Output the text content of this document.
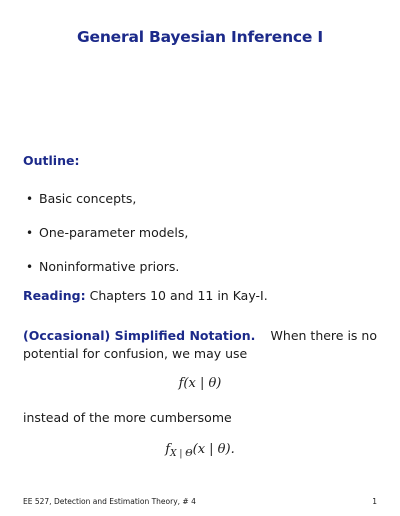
General Bayesian Inference I
Outline:
• Basic concepts,
• One-parameter models,
• Noninformative priors.
Reading: Chapters 10 and 11 in Kay-I.
(Occasional) Simplified Notation. When there is no
potential for confusion, we may use
f(x | θ)
instead of the more cumbersome
$f_{X | \Theta}(x$ | θ).
EE 527, Detection and Estimation Theory, # 4	1
